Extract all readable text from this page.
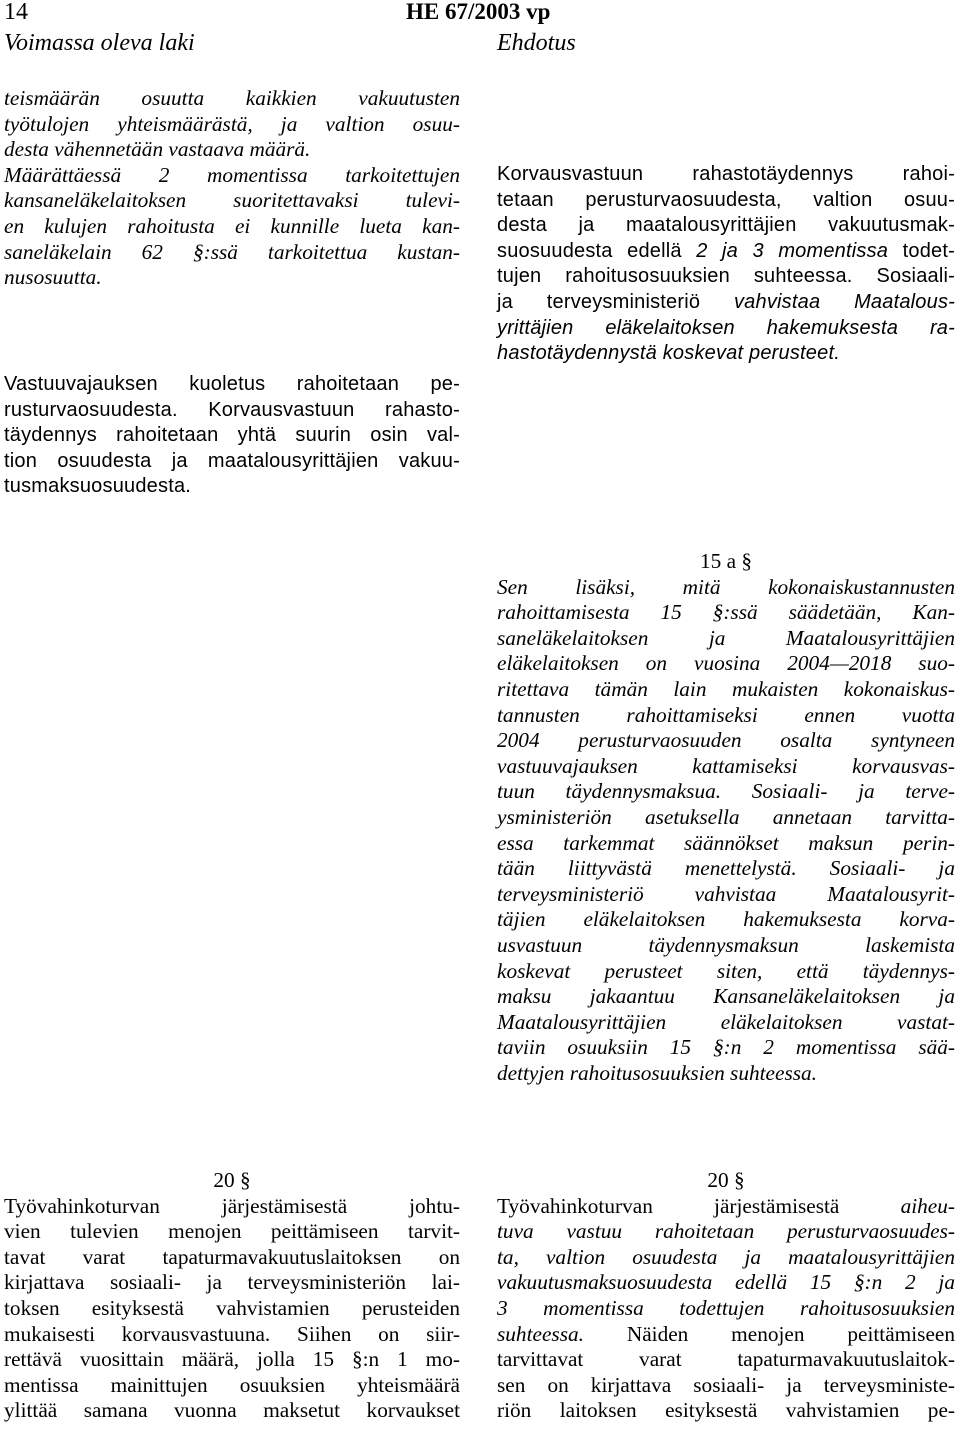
14	HE 67/2003 vp
Voimassa oleva laki	Ehdotus
teismäärän osuutta kaikkien vakuutusten
työtulojen yhteismäärästä, ja valtion osuu-
desta vähennetään vastaava määrä.
Määrättäessä 2 momentissa tarkoitettujen
kansaneläkelaitoksen suoritettavaksi tulevi-
en kulujen rahoitusta ei kunnille lueta kan-
saneläkelain 62 §:ssä tarkoitettua kustan-
nusosuutta.
Vastuuvajauksen kuoletus rahoitetaan pe-
rusturvaosuudesta. Korvausvastuun rahasto-
täydennys rahoitetaan yhtä suurin osin val-
tion osuudesta ja maatalousyrittäjien vakuu-
tusmaksuosuudesta.
Korvausvastuun rahastotäydennys rahoi-
tetaan perusturvaosuudesta, valtion osuu-
desta ja maatalousyrittäjien vakuutusmak-
suosuudesta edellä 2 ja 3 momentissa todet-
tujen rahoitusosuuksien suhteessa. Sosiaali-
ja terveysministeriö vahvistaa Maatalous-
yrittäjien eläkelaitoksen hakemuksesta ra-
hastotäydennystä koskevat perusteet.
15 a §
Sen lisäksi, mitä kokonaiskustannusten
rahoittamisesta 15 §:ssä säädetään, Kan-
saneläkelaitoksen ja Maatalousyrittäjien
eläkelaitoksen on vuosina 2004—2018 suo-
ritettava tämän lain mukaisten kokonaiskus-
tannusten rahoittamiseksi ennen vuotta
2004 perusturvaosuuden osalta syntyneen
vastuuvajauksen kattamiseksi korvausvas-
tuun täydennysmaksua. Sosiaali- ja terve-
ysministeriön asetuksella annetaan tarvitta-
essa tarkemmat säännökset maksun perin-
tään liittyvästä menettelystä. Sosiaali- ja
terveysministeriö vahvistaa Maatalousyrit-
täjien eläkelaitoksen hakemuksesta korva-
usvastuun täydennysmaksun laskemista
koskevat perusteet siten, että täydennys-
maksu jakaantuu Kansaneläkelaitoksen ja
Maatalousyrittäjien eläkelaitoksen vastat-
taviin osuuksiin 15 §:n 2 momentissa sää-
dettyjen rahoitusosuuksien suhteessa.
20 §
Työvahinkoturvan järjestämisestä johtu-
vien tulevien menojen peittämiseen tarvit-
tavat varat tapaturmavakuutuslaitoksen on
kirjattava sosiaali- ja terveysministeriön lai-
toksen esityksestä vahvistamien perusteiden
mukaisesti korvausvastuuna. Siihen on siir-
rettävä vuosittain määrä, jolla 15 §:n 1 mo-
mentissa mainittujen osuuksien yhteismäärä
ylittää samana vuonna maksetut korvaukset
20 §
Työvahinkoturvan järjestämisestä aiheu-
tuva vastuu rahoitetaan perusturvaosuudes-
ta, valtion osuudesta ja maatalousyrittäjien
vakuutusmaksuosuudesta edellä 15 §:n 2 ja
3 momentissa todettujen rahoitusosuuksien
suhteessa. Näiden menojen peittämiseen
tarvittavat varat tapaturmavakuutuslaitok-
sen on kirjattava sosiaali- ja terveysministe-
riön laitoksen esityksestä vahvistamien pe-
